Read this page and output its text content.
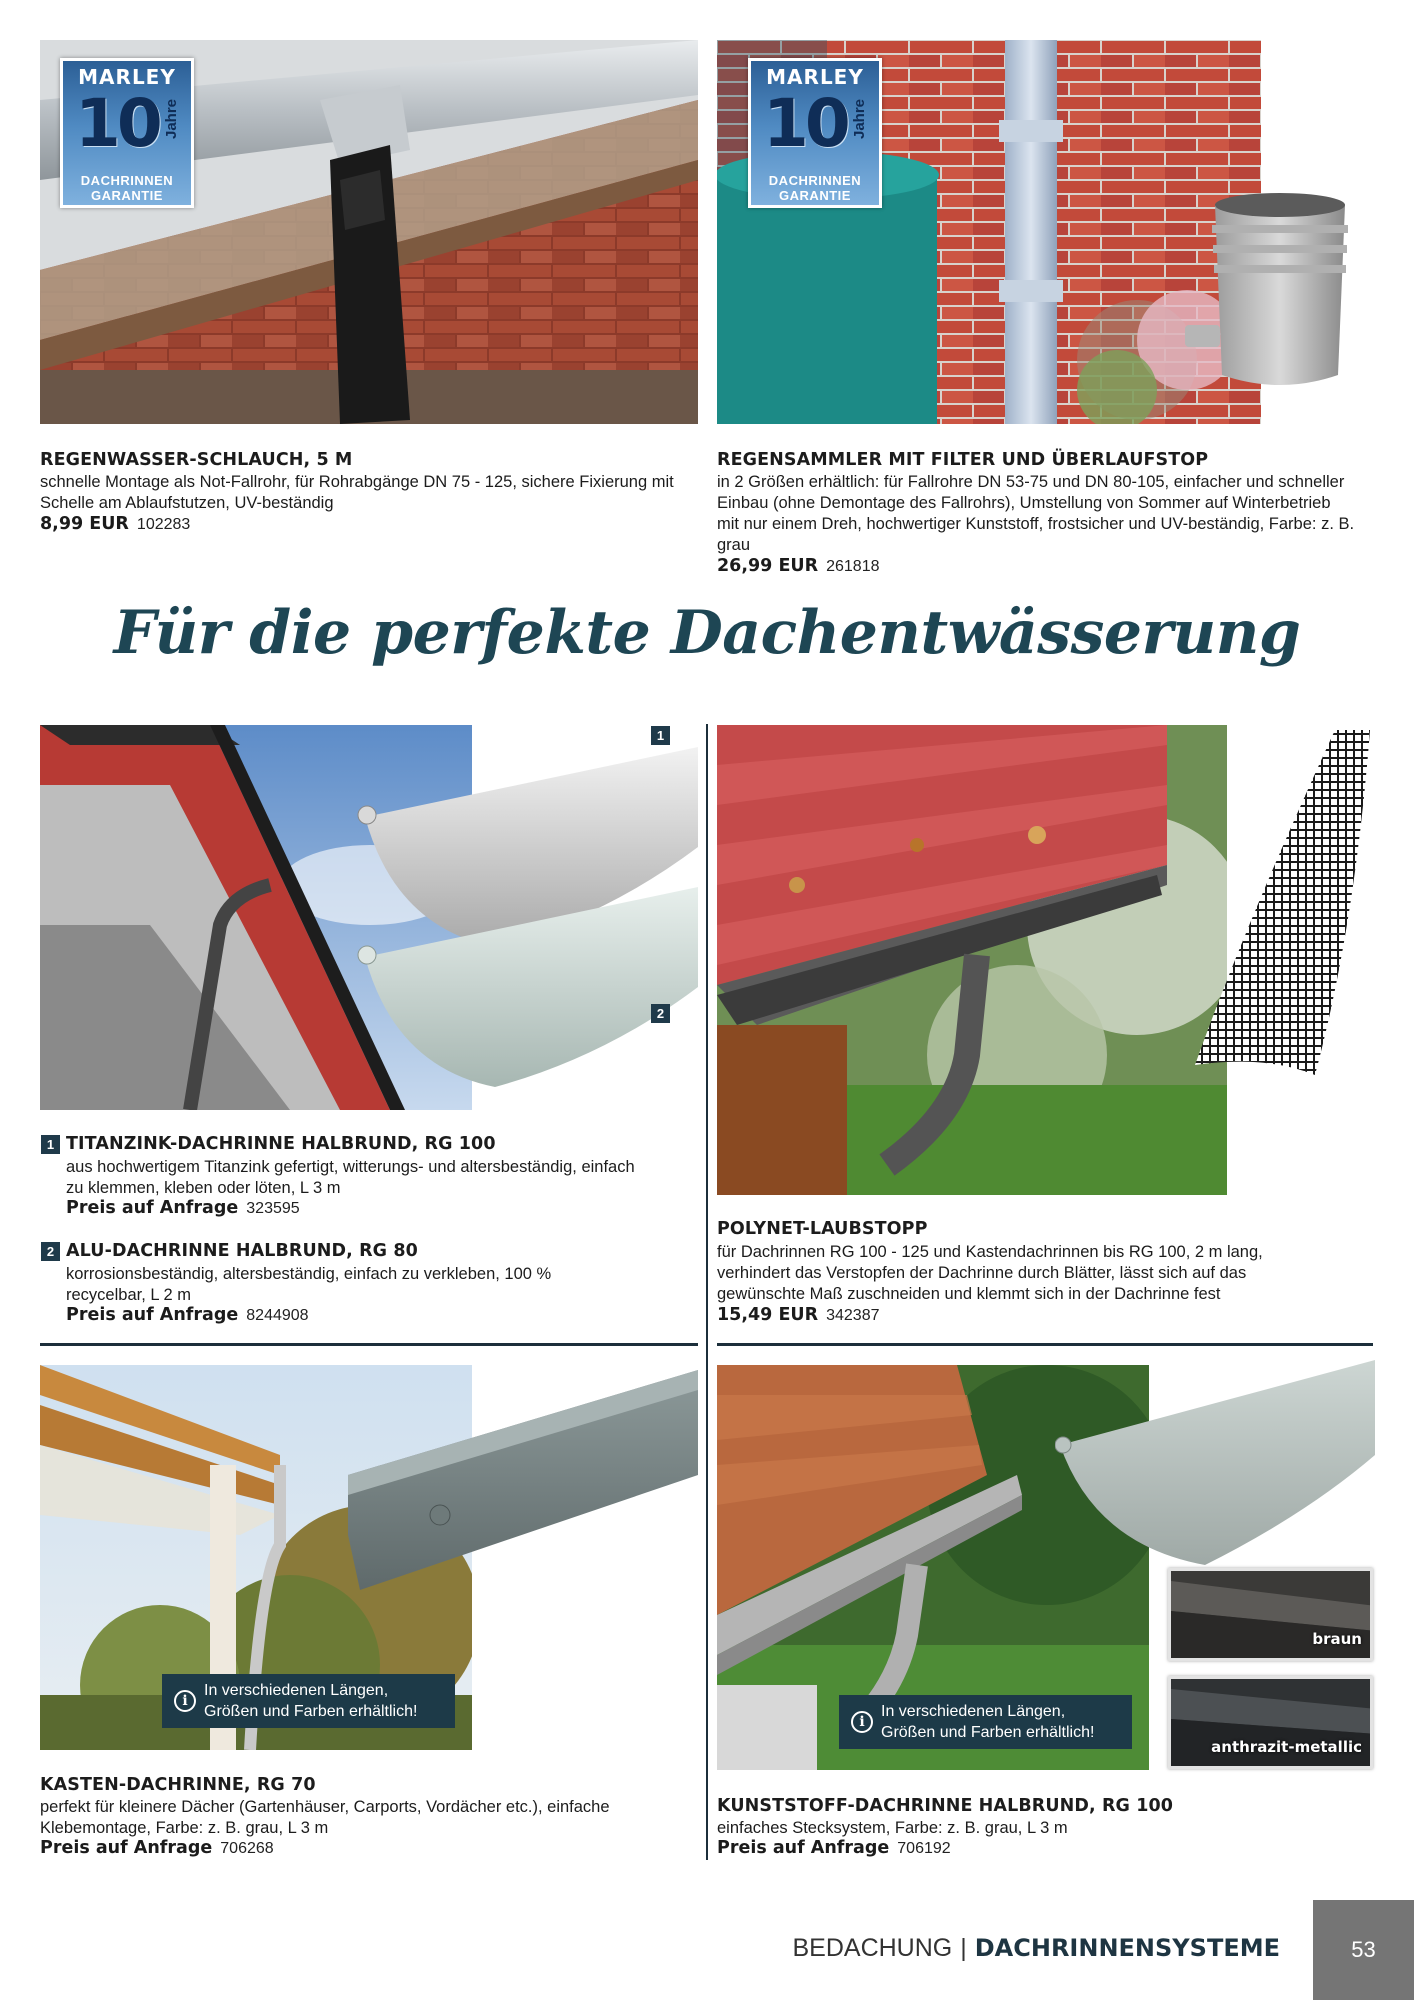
MARLEY
10 Jahre
DACHRINNEN
GARANTIE
REGENWASSER-SCHLAUCH, 5 M
schnelle Montage als Not-Fallrohr, für Rohrabgänge DN 75 - 125, sichere Fixierung mit Schelle am Ablaufstutzen, UV-beständig
8,99 EUR 102283
MARLEY
10 Jahre
DACHRINNEN
GARANTIE
REGENSAMMLER MIT FILTER UND ÜBERLAUFSTOP
in 2 Größen erhältlich: für Fallrohre DN 53-75 und DN 80-105, einfacher und schneller Einbau (ohne Demontage des Fallrohrs), Umstellung von Sommer auf Winterbetrieb mit nur einem Dreh, hochwertiger Kunststoff, frostsicher und UV-beständig, Farbe: z. B. grau
26,99 EUR 261818
Für die perfekte Dachentwässerung
1
2
1 TITANZINK-DACHRINNE HALBRUND, RG 100
aus hochwertigem Titanzink gefertigt, witterungs- und altersbeständig, einfach zu klemmen, kleben oder löten, L 3 m
Preis auf Anfrage 323595
2 ALU-DACHRINNE HALBRUND, RG 80
korrosionsbeständig, altersbeständig, einfach zu verkleben, 100 % recycelbar, L 2 m
Preis auf Anfrage 8244908
POLYNET-LAUBSTOPP
für Dachrinnen RG 100 - 125 und Kastendachrinnen bis RG 100, 2 m lang, verhindert das Verstopfen der Dachrinne durch Blätter, lässt sich auf das gewünschte Maß zuschneiden und klemmt sich in der Dachrinne fest
15,49 EUR 342387
i
In verschiedenen Längen,
Größen und Farben erhältlich!
KASTEN-DACHRINNE, RG 70
perfekt für kleinere Dächer (Gartenhäuser, Carports, Vordächer etc.), einfache Klebemontage, Farbe: z. B. grau, L 3 m
Preis auf Anfrage 706268
braun
anthrazit-metallic
i
In verschiedenen Längen,
Größen und Farben erhältlich!
KUNSTSTOFF-DACHRINNE HALBRUND, RG 100
einfaches Stecksystem, Farbe: z. B. grau, L 3 m
Preis auf Anfrage 706192
BEDACHUNG | DACHRINNENSYSTEME	53
